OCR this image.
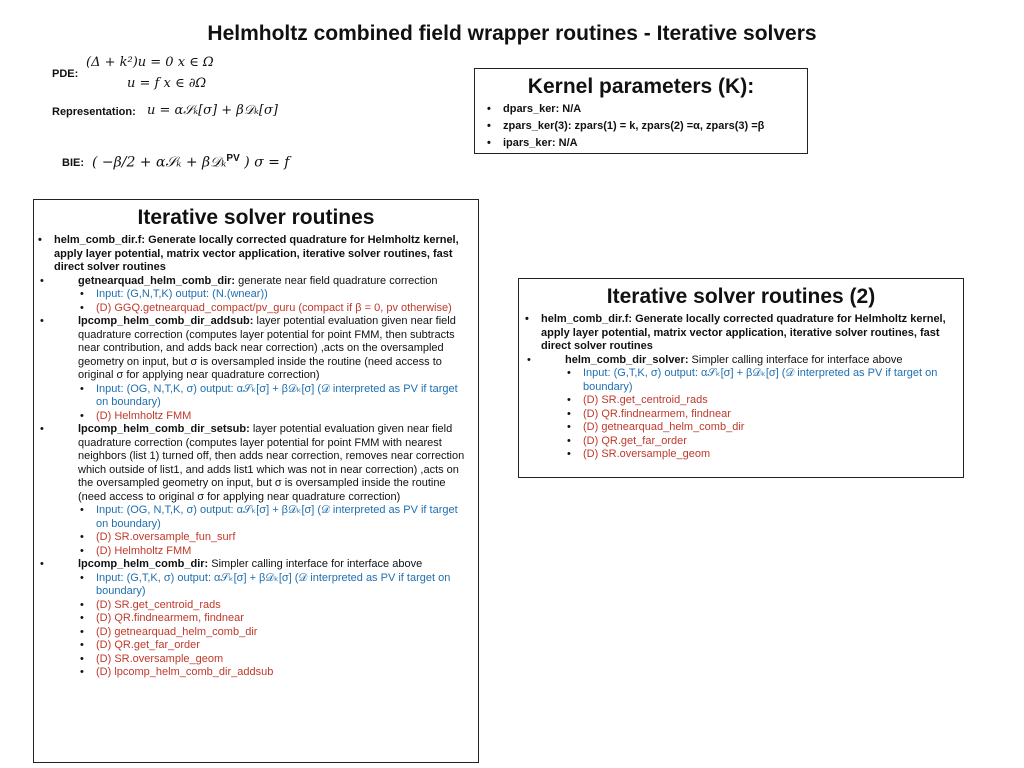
Helmholtz combined field wrapper routines - Iterative solvers
PDE:
(Δ + k²)u = 0 x ∈ Ω
u = f x ∈ ∂Ω
Representation: u = α𝒮ₖ[σ] + β𝒟ₖ[σ]
BIE: ( −β/2 + α𝒮ₖ + β𝒟ₖ$^{PV}$ ) σ = f
Kernel parameters (K):
• dpars_ker: N/A
• zpars_ker(3): zpars(1) = k, zpars(2) =α, zpars(3) =β
• ipars_ker: N/A
Iterative solver routines
• helm_comb_dir.f: Generate locally corrected quadrature for Helmholtz kernel, apply layer potential, matrix vector application, iterative solver routines, fast direct solver routines
• getnearquad_helm_comb_dir: generate near field quadrature correction
• Input: (G,N,T,K) output: (N.(wnear))
• (D) GGQ.getnearquad_compact/pv_guru (compact if β = 0, pv otherwise)
• lpcomp_helm_comb_dir_addsub: layer potential evaluation given near field quadrature correction (computes layer potential for point FMM, then subtracts near contribution, and adds back near correction) ,acts on the oversampled geometry on input, but σ is oversampled inside the routine (need access to original σ for applying near quadrature correction)
• Input: (OG, N,T,K, σ) output: α𝒮ₖ[σ] + β𝒟ₖ[σ] (𝒟 interpreted as PV if target on boundary)
• (D) Helmholtz FMM
• lpcomp_helm_comb_dir_setsub: layer potential evaluation given near field quadrature correction (computes layer potential for point FMM with nearest neighbors (list 1) turned off, then adds near correction, removes near correction which outside of list1, and adds list1 which was not in near correction) ,acts on the oversampled geometry on input, but σ is oversampled inside the routine (need access to original σ for applying near quadrature correction)
• Input: (OG, N,T,K, σ) output: α𝒮ₖ[σ] + β𝒟ₖ[σ] (𝒟 interpreted as PV if target on boundary)
• (D) SR.oversample_fun_surf
• (D) Helmholtz FMM
• lpcomp_helm_comb_dir: Simpler calling interface for interface above
• Input: (G,T,K, σ) output: α𝒮ₖ[σ] + β𝒟ₖ[σ] (𝒟 interpreted as PV if target on boundary)
• (D) SR.get_centroid_rads
• (D) QR.findnearmem, findnear
• (D) getnearquad_helm_comb_dir
• (D) QR.get_far_order
• (D) SR.oversample_geom
• (D) lpcomp_helm_comb_dir_addsub
Iterative solver routines (2)
• helm_comb_dir.f: Generate locally corrected quadrature for Helmholtz kernel, apply layer potential, matrix vector application, iterative solver routines, fast direct solver routines
• helm_comb_dir_solver: Simpler calling interface for interface above
• Input: (G,T,K, σ) output: α𝒮ₖ[σ] + β𝒟ₖ[σ] (𝒟 interpreted as PV if target on boundary)
• (D) SR.get_centroid_rads
• (D) QR.findnearmem, findnear
• (D) getnearquad_helm_comb_dir
• (D) QR.get_far_order
• (D) SR.oversample_geom
